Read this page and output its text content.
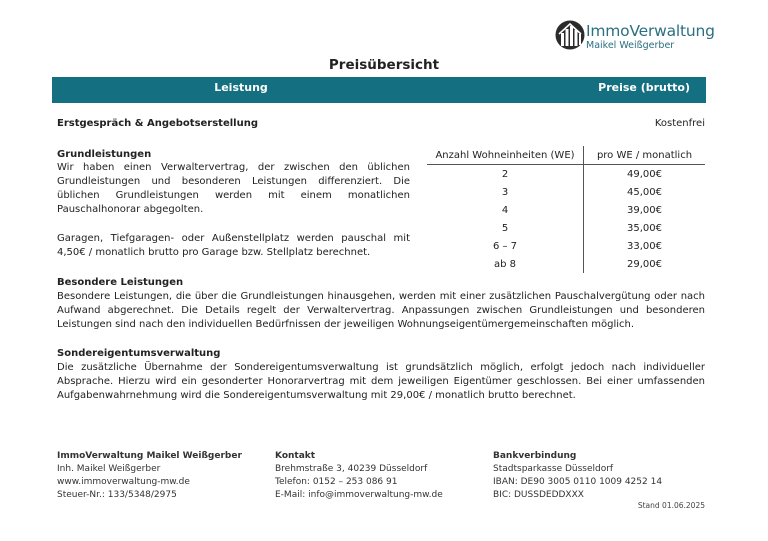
ImmoVerwaltung
Maikel Weißgerber
Preisübersicht
Leistung	Preise (brutto)
Erstgespräch & Angebotserstellung	Kostenfrei
Grundleistungen
Wir haben einen Verwaltervertrag, der zwischen den üblichen Grundleistungen und besonderen Leistungen differenziert. Die üblichen Grundleistungen werden mit einem monatlichen Pauschalhonorar abgegolten.
Garagen, Tiefgaragen- oder Außenstellplatz werden pauschal mit 4,50€ / monatlich brutto pro Garage bzw. Stellplatz berechnet.
Anzahl Wohneinheiten (WE)	pro WE / monatlich
2	49,00€
3	45,00€
4	39,00€
5	35,00€
6 – 7	33,00€
ab 8	29,00€
Besondere Leistungen
Besondere Leistungen, die über die Grundleistungen hinausgehen, werden mit einer zusätzlichen Pauschalvergütung oder nach Aufwand abgerechnet. Die Details regelt der Verwaltervertrag. Anpassungen zwischen Grundleistungen und besonderen Leistungen sind nach den individuellen Bedürfnissen der jeweiligen Wohnungseigentümergemeinschaften möglich.
Sondereigentumsverwaltung
Die zusätzliche Übernahme der Sondereigentumsverwaltung ist grundsätzlich möglich, erfolgt jedoch nach individueller Absprache. Hierzu wird ein gesonderter Honorarvertrag mit dem jeweiligen Eigentümer geschlossen. Bei einer umfassenden Aufgabenwahrnehmung wird die Sondereigentumsverwaltung mit 29,00€ / monatlich brutto berechnet.
ImmoVerwaltung Maikel Weißgerber
Inh. Maikel Weißgerber
www.immoverwaltung-mw.de
Steuer-Nr.: 133/5348/2975
Kontakt
Brehmstraße 3, 40239 Düsseldorf
Telefon: 0152 – 253 086 91
E-Mail: info@immoverwaltung-mw.de
Bankverbindung
Stadtsparkasse Düsseldorf
IBAN: DE90 3005 0110 1009 4252 14
BIC: DUSSDEDDXXX
Stand 01.06.2025
